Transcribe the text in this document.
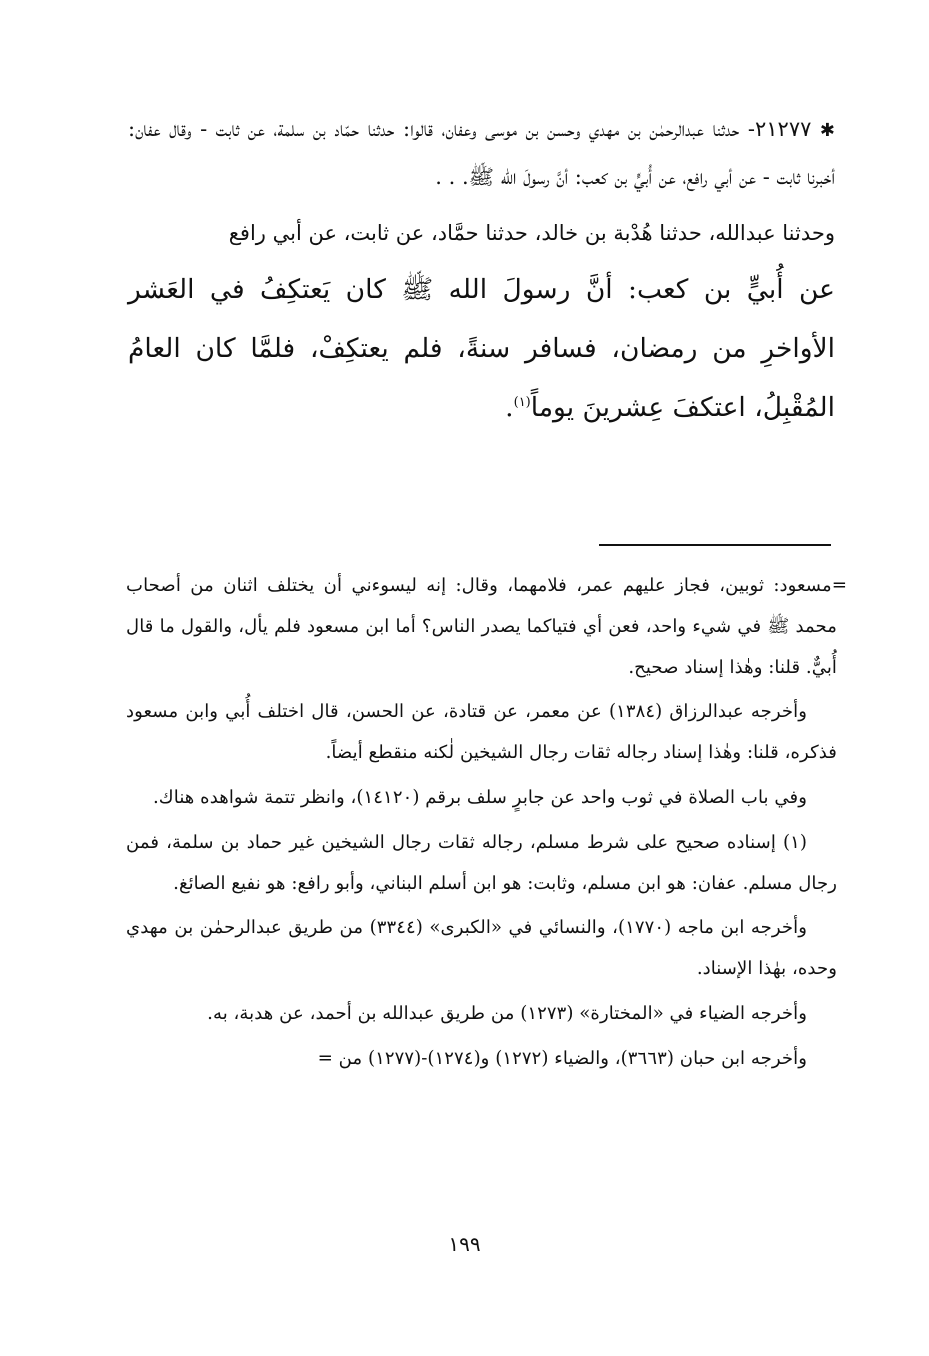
✱ ٢١٢٧٧- حدثنا عبدالرحمٰن بن مهدي وحسن بن موسى وعفان، قالوا: حدثنا حمّاد بن سلمة، عن ثابت - وقال عفان: أخبرنا ثابت - عن أبي رافع، عن أُبيٍّ بن كعب: أنَّ رسولَ الله ﷺ. . .

وحدثنا عبدالله، حدثنا هُدْبة بن خالد، حدثنا حمَّاد، عن ثابت، عن أبي رافع

عن أُبيٍّ بن كعب: أنَّ رسولَ الله ﷺ كان يَعتكِفُ في العَشر الأواخرِ من رمضان، فسافر سنةً، فلم يعتكِفْ، فلمَّا كان العامُ المُقْبِلُ، اعتكفَ عِشرينَ يوماً$^{(١)}$.

=مسعود: ثوبين، فجاز عليهم عمر، فلامهما، وقال: إنه ليسوءني أن يختلف اثنان من أصحاب محمد ﷺ في شيء واحد، فعن أي فتياكما يصدر الناس؟ أما ابن مسعود فلم يأل، والقول ما قال أُبيٌّ. قلنا: وهٰذا إسناد صحيح.

وأخرجه عبدالرزاق (١٣٨٤) عن معمر، عن قتادة، عن الحسن، قال اختلف أُبي وابن مسعود فذكره، قلنا: وهٰذا إسناد رجاله ثقات رجال الشيخين لٰكنه منقطع أيضاً.

وفي باب الصلاة في ثوب واحد عن جابرٍ سلف برقم (١٤١٢٠)، وانظر تتمة شواهده هناك.

(١) إسناده صحيح على شرط مسلم، رجاله ثقات رجال الشيخين غير حماد بن سلمة، فمن رجال مسلم. عفان: هو ابن مسلم، وثابت: هو ابن أسلم البناني، وأبو رافع: هو نفيع الصائغ.

وأخرجه ابن ماجه (١٧٧٠)، والنسائي في «الكبرى» (٣٣٤٤) من طريق عبدالرحمٰن بن مهدي وحده، بهٰذا الإسناد.

وأخرجه الضياء في «المختارة» (١٢٧٣) من طريق عبدالله بن أحمد، عن هدبة، به.

وأخرجه ابن حبان (٣٦٦٣)، والضياء (١٢٧٢) و(١٢٧٤)-(١٢٧٧) من =

١٩٩
